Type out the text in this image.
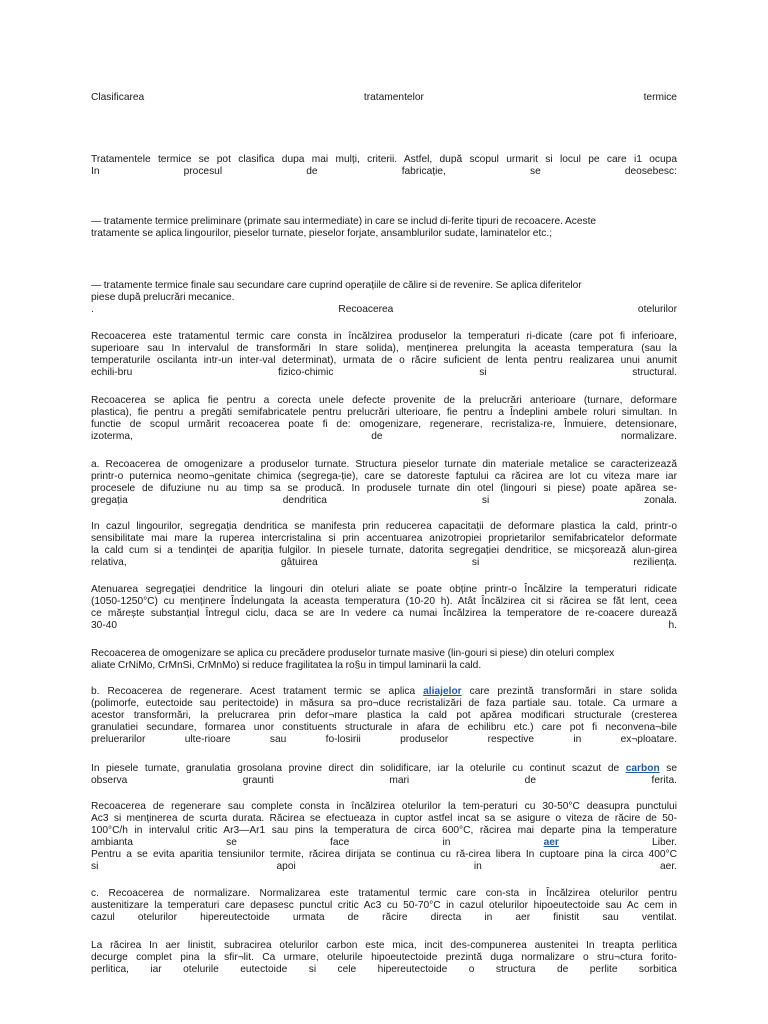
Clasificarea	tratamentelor	termice

Tratamentele termice se pot clasifica dupa mai mulți, criterii. Astfel, după scopul urmarit si locul pe care i1 ocupa

In	procesul	de	fabricație,	se	deosebesc:

— tratamente termice preliminare (primate sau intermediate) in care se includ di-ferite tipuri de recoacere. Aceste
tratamente se aplica lingourilor, pieselor turnate, pieselor forjate, ansamblurilor sudate, laminatelor etc.;

— tratamente termice finale sau secundare care cuprind operațiile de călire si de revenire. Se aplica diferitelor
piese după prelucrări mecanice.

.	Recoacerea	otelurilor

Recoacerea este tratamentul termic care consta in încălzirea produselor la temperaturi ri-dicate (care pot fi inferioare,
superioare sau In intervalul de transformări In stare solida), menținerea prelungita la aceasta temperatura (sau la
temperaturile oscilanta intr-un inter-val determinat), urmata de o răcire suficient de lenta pentru realizarea unui anumit

echili-bru	fizico-chimic	si	structural.

Recoacerea se aplica fie pentru a corecta unele defecte provenite de la prelucrări anterioare (turnare, deformare
plastica), fie pentru a pregăti semifabricatele pentru prelucrări ulterioare, fie pentru a Îndeplini ambele roluri simultan. In
functie de scopul urmărit recoacerea poate fi de: omogenizare, regenerare, recristaliza-re, Înmuiere, detensionare,

izoterma,	de	normalizare.

a. Recoacerea de omogenizare a produselor turnate. Structura pieselor turnate din materiale metalice se caracterizează
printr-o puternica neomo¬genitate chimica (segrega-ție), care se datoreste faptului ca răcirea are lot cu viteza mare iar
procesele de difuziune nu au timp sa se producă. In produsele turnate din otel (lingouri si piese) poate apărea se-

gregația	dendritica	si	zonala.

In cazul lingourilor, segregația dendritica se manifesta prin reducerea capacitații de deformare plastica la cald, printr-o
sensibilitate mai mare la ruperea intercristalina si prin accentuarea anizotropiei proprietarilor semifabricatelor deformate
la cald cum si a tendinței de apariția fulgilor. In piesele turnate, datorita segregației dendritice, se micșorează alun-girea

relativa,	gâtuirea	si	reziliența.

Atenuarea segregației dendritice la lingouri din oteluri aliate se poate obține printr-o Încălzire la temperaturi ridicate
(1050-1250°C) cu menținere Îndelungata la aceasta temperatura (10-20 h). Atât Încălzirea cit si răcirea se făt lent, ceea
ce mărește substanțial Întregul ciclu, daca se are In vedere ca numai Încălzirea la temperatore de re-coacere durează

30-40	h.

Recoacerea de omogenizare se aplica cu precădere produselor turnate masive (lin-gouri si piese) din oteluri complex
aliate CrNiMo, CrMnSi, CrMnMo) si reduce fragilitatea la ro§u in timpul laminarii la cald.

b. Recoacerea de regenerare. Acest tratament termic se aplica aliajelor care prezintă transformări in stare solida

(polimorfe, eutectoide sau peritectoide) in măsura sa pro¬duce recristalizări de faza partiale sau. totale. Ca urmare a
acestor transformări, la prelucrarea prin defor¬mare plastica la cald pot apărea modificari structurale (cresterea
granulatiei secundare, formarea unor constituents structurale in afara de echilibru etc.) care pot fi neconvena¬bile

preluerarilor	ulte-rioare	sau	fo-losirii	produselor	respective	in	ex¬ploatare.

In piesele turnate, granulatia grosolana provine direct din solidificare, iar la otelurile cu continut scazut de carbon se

observa	graunti	mari	de	ferita.

Recoacerea de regenerare sau complete consta in încălzirea otelurilor la tem-peraturi cu 30-50°C deasupra punctului
Ac3 si menținerea de scurta durata. Răcirea se efectueaza in cuptor astfel incat sa se asigure o viteza de răcire de 50-
100°C/h in intervalul critic Ar3—Ar1 sau pins la temperatura de circa 600°C, răcirea mai departe pina la temperature

ambianta	se	face	in	aer	Liber.

Pentru a se evita aparitia tensiunilor termite, răcirea dirijata se continua cu ră-cirea libera In cuptoare pina la circa 400°C

si	apoi	in	aer.

c. Recoacerea de normalizare. Normalizarea este tratamentul termic care con-sta in Încălzirea otelurilor pentru
austenitizare la temperaturi care depasesc punctul critic Ac3 cu 50-70°C in cazul otelurilor hipoeutectoide sau Ac cem in

cazul otelurilor hipereutectoide urmata de răcire directa in aer finistit sau ventilat.

La răcirea In aer linistit, subracirea otelurilor carbon este mica, incit des-compunerea austenitei In treapta perlitica
decurge complet pina la sfir¬lit. Ca urmare, otelurile hipoeutectoide prezintă duga normalizare o stru¬ctura forito-

perlitica, iar otelurile eutectoide si cele hipereutectoide o structura de perlite sorbitica
